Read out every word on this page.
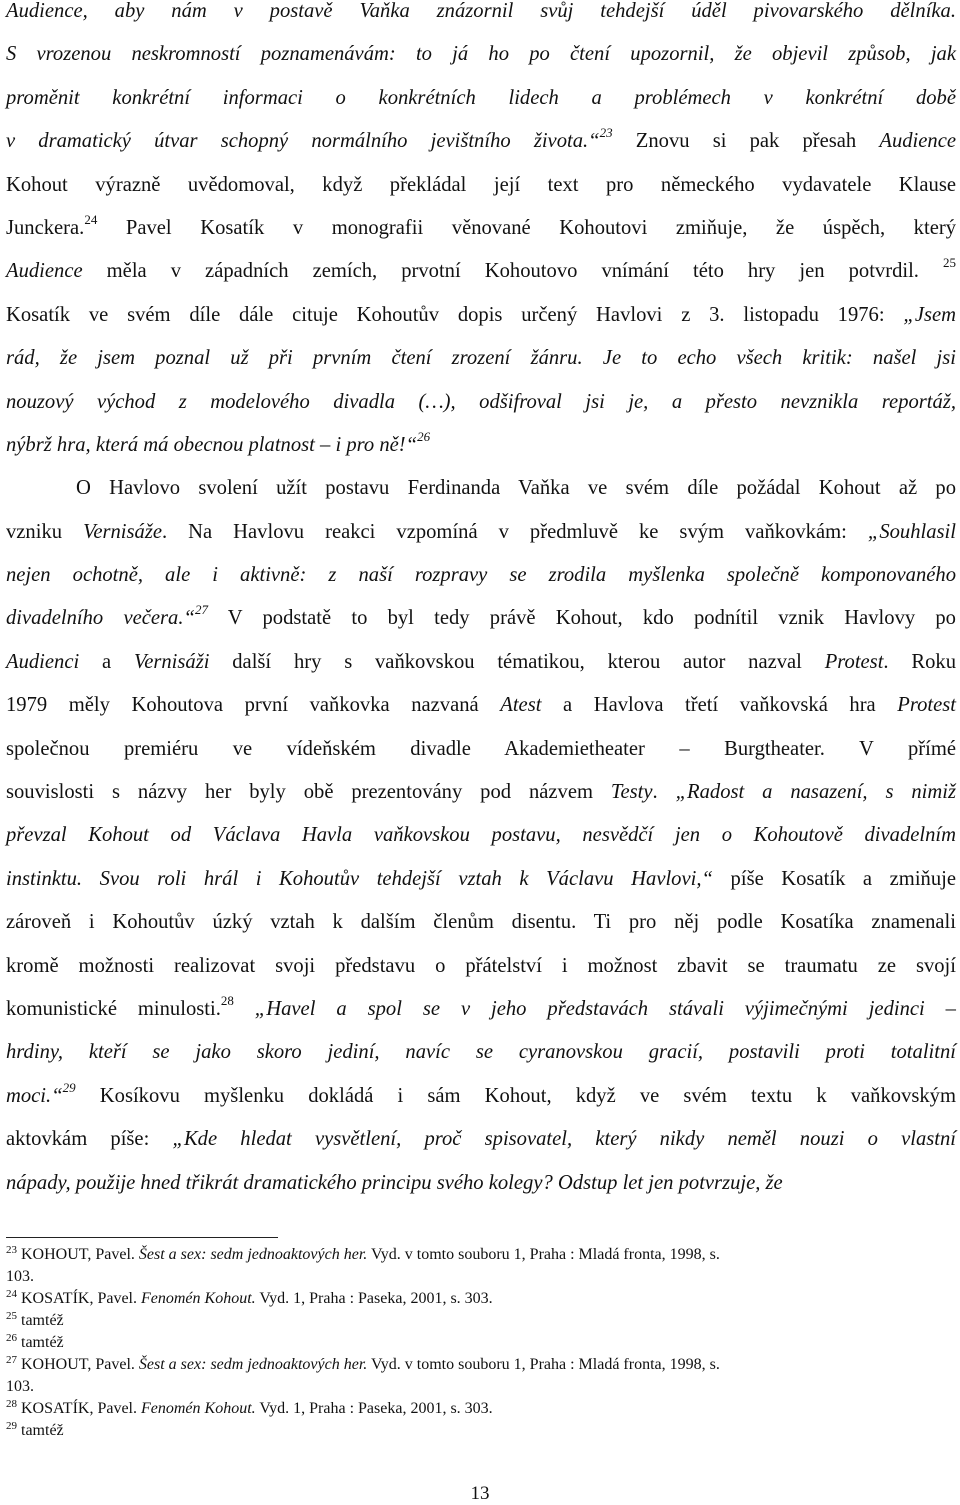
Audience, aby nám v postavě Vaňka znázornil svůj tehdejší úděl pivovarského dělníka.
S vrozenou neskromností poznamenávám: to já ho po čtení upozornil, že objevil způsob, jak
proměnit konkrétní informaci o konkrétních lidech a problémech v konkrétní době
v dramatický útvar schopný normálního jevištního života.“$^{23}$ Znovu si pak přesah Audience
Kohout výrazně uvědomoval, když překládal její text pro německého vydavatele Klause
Junckera.$^{24}$ Pavel Kosatík v monografii věnované Kohoutovi zmiňuje, že úspěch, který
Audience měla v západních zemích, prvotní Kohoutovo vnímání této hry jen potvrdil. $^{25}$
Kosatík ve svém díle dále cituje Kohoutův dopis určený Havlovi z 3. listopadu 1976: „Jsem
rád, že jsem poznal už při prvním čtení zrození žánru. Je to echo všech kritik: našel jsi
nouzový východ z modelového divadla (…), odšifroval jsi je, a přesto nevznikla reportáž,
nýbrž hra, která má obecnou platnost – i pro ně!“$^{26}$
O Havlovo svolení užít postavu Ferdinanda Vaňka ve svém díle požádal Kohout až po
vzniku Vernisáže. Na Havlovu reakci vzpomíná v předmluvě ke svým vaňkovkám: „Souhlasil
nejen ochotně, ale i aktivně: z naší rozpravy se zrodila myšlenka společně komponovaného
divadelního večera.“$^{27}$ V podstatě to byl tedy právě Kohout, kdo podnítil vznik Havlovy po
Audienci a Vernisáži další hry s vaňkovskou tématikou, kterou autor nazval Protest. Roku
1979 měly Kohoutova první vaňkovka nazvaná Atest a Havlova třetí vaňkovská hra Protest
společnou premiéru ve vídeňském divadle Akademietheater – Burgtheater. V přímé
souvislosti s názvy her byly obě prezentovány pod názvem Testy. „Radost a nasazení, s nimiž
převzal Kohout od Václava Havla vaňkovskou postavu, nesvědčí jen o Kohoutově divadelním
instinktu. Svou roli hrál i Kohoutův tehdejší vztah k Václavu Havlovi,“ píše Kosatík a zmiňuje
zároveň i Kohoutův úzký vztah k dalším členům disentu. Ti pro něj podle Kosatíka znamenali
kromě možnosti realizovat svoji představu o přátelství i možnost zbavit se traumatu ze svojí
komunistické minulosti.$^{28}$ „Havel a spol se v jeho představách stávali výjimečnými jedinci –
hrdiny, kteří se jako skoro jediní, navíc se cyranovskou gracií, postavili proti totalitní
moci.“$^{29}$ Kosíkovu myšlenku dokládá i sám Kohout, když ve svém textu k vaňkovským
aktovkám píše: „Kde hledat vysvětlení, proč spisovatel, který nikdy neměl nouzi o vlastní
nápady, použije hned třikrát dramatického principu svého kolegy? Odstup let jen potvrzuje, že
$^{23}$ KOHOUT, Pavel. Šest a sex: sedm jednoaktových her. Vyd. v tomto souboru 1, Praha : Mladá fronta, 1998, s.
103.
$^{24}$ KOSATÍK, Pavel. Fenomén Kohout. Vyd. 1, Praha : Paseka, 2001, s. 303.
$^{25}$ tamtéž
$^{26}$ tamtéž
$^{27}$ KOHOUT, Pavel. Šest a sex: sedm jednoaktových her. Vyd. v tomto souboru 1, Praha : Mladá fronta, 1998, s.
103.
$^{28}$ KOSATÍK, Pavel. Fenomén Kohout. Vyd. 1, Praha : Paseka, 2001, s. 303.
$^{29}$ tamtéž
13
